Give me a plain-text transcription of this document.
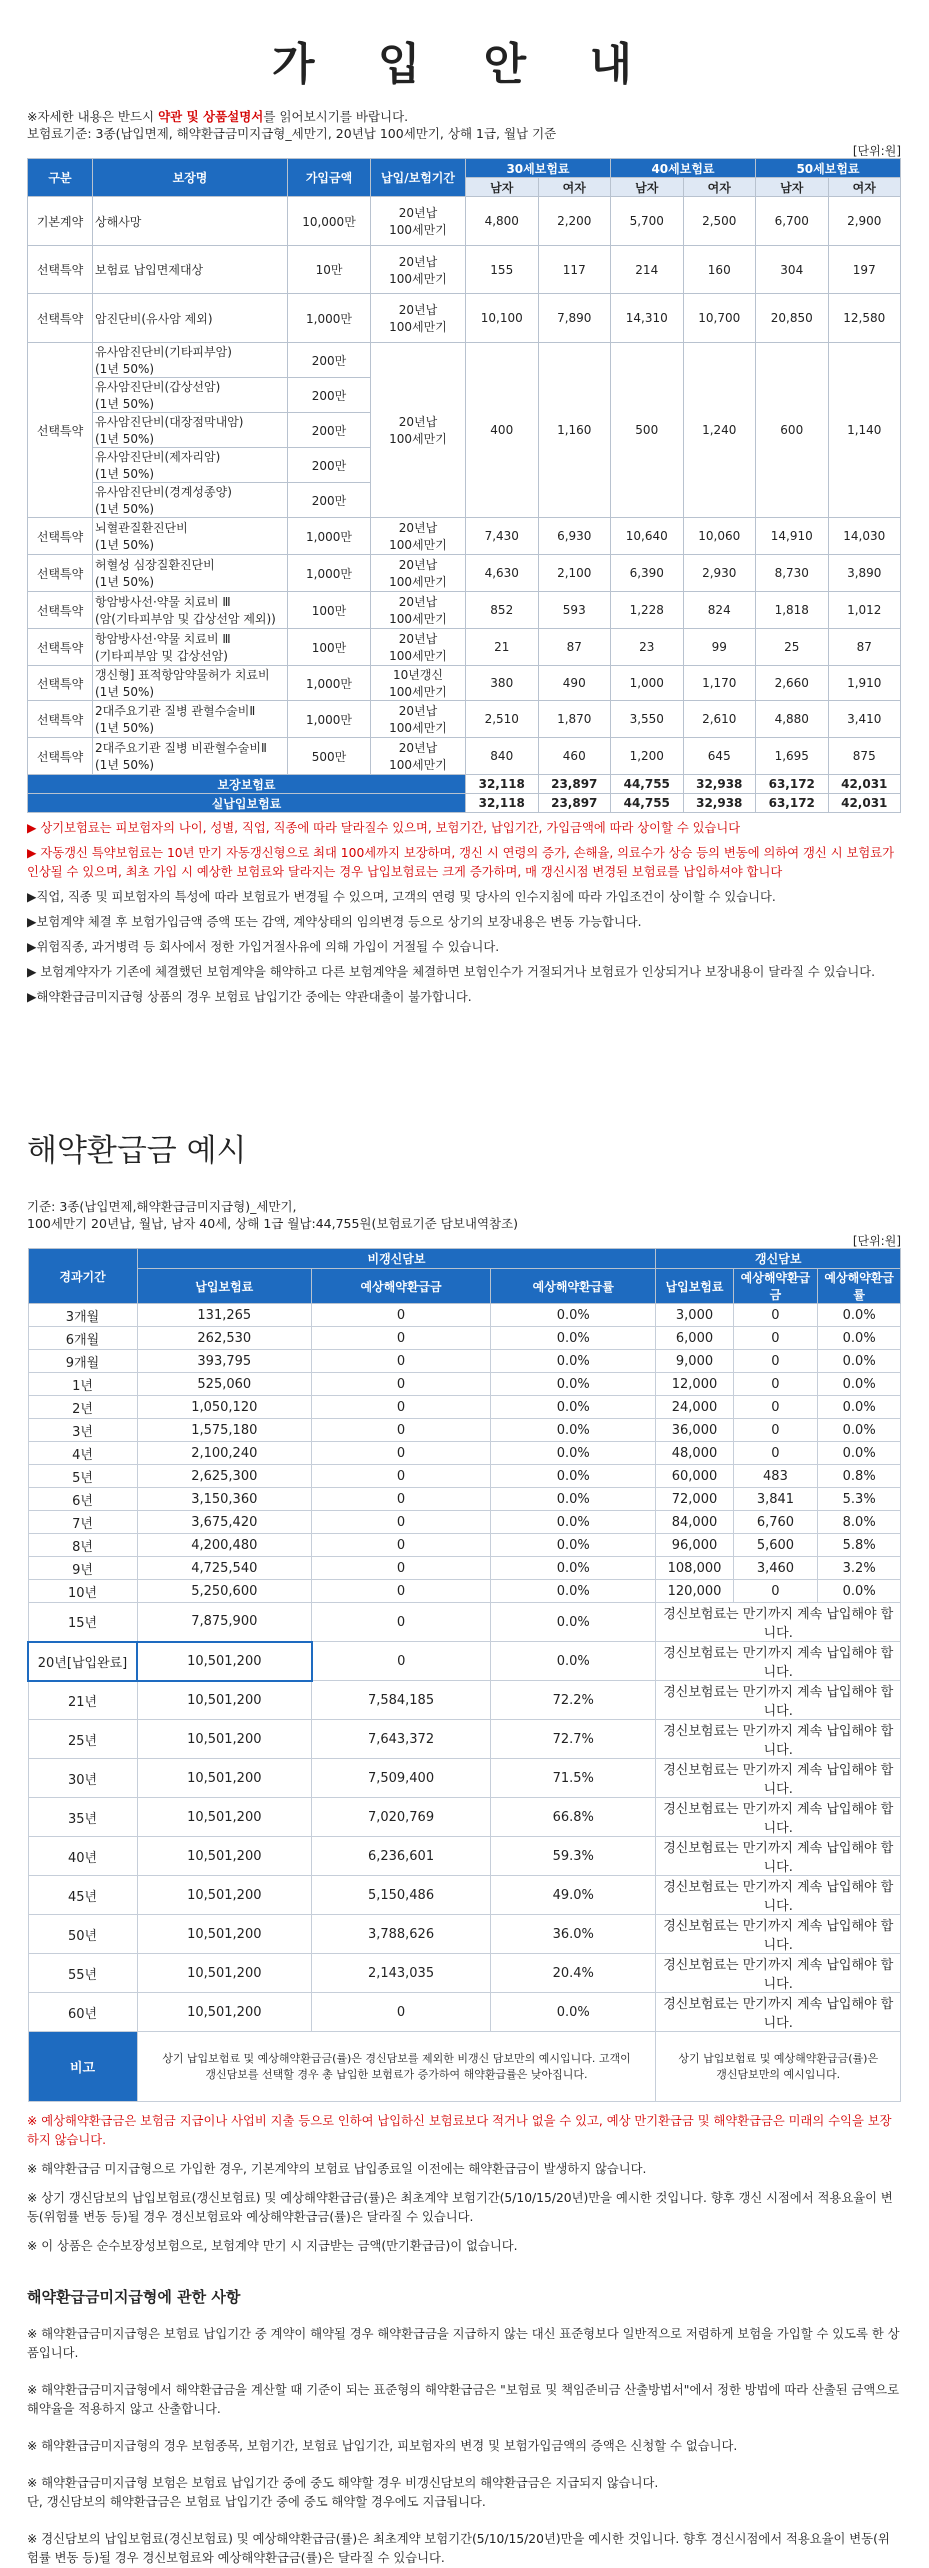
가 입 안 내
※자세한 내용은 반드시 약관 및 상품설명서를 읽어보시기를 바랍니다.
보험료기준: 3종(납입면제, 해약환급금미지급형_세만기, 20년납 100세만기, 상해 1급, 월납 기준
[단위:원]
구분	보장명	가입금액	납입/보험기간	30세보험료		40세보험료		50세보험료	
				남자	여자	남자	여자	남자	여자
기본계약	상해사망	10,000만	20년납
100세만기	4,800	2,200	5,700	2,500	6,700	2,900
선택특약	보험료 납입면제대상	10만	20년납
100세만기	155	117	214	160	304	197
선택특약	암진단비(유사암 제외)	1,000만	20년납
100세만기	10,100	7,890	14,310	10,700	20,850	12,580
선택특약	유사암진단비(기타피부암)
(1년 50%)	200만	20년납
100세만기	400	1,160	500	1,240	600	1,140
	유사암진단비(갑상선암)
(1년 50%)	200만							
	유사암진단비(대장점막내암)
(1년 50%)	200만							
	유사암진단비(제자리암)
(1년 50%)	200만							
	유사암진단비(경계성종양)
(1년 50%)	200만							
선택특약	뇌혈관질환진단비
(1년 50%)	1,000만	20년납
100세만기	7,430	6,930	10,640	10,060	14,910	14,030
선택특약	허혈성 심장질환진단비
(1년 50%)	1,000만	20년납
100세만기	4,630	2,100	6,390	2,930	8,730	3,890
선택특약	항암방사선·약물 치료비 Ⅲ
(암(기타피부암 및 갑상선암 제외))	100만	20년납
100세만기	852	593	1,228	824	1,818	1,012
선택특약	항암방사선·약물 치료비 Ⅲ
(기타피부암 및 갑상선암)	100만	20년납
100세만기	21	87	23	99	25	87
선택특약	갱신형] 표적항암약물허가 치료비
(1년 50%)	1,000만	10년갱신
100세만기	380	490	1,000	1,170	2,660	1,910
선택특약	2대주요기관 질병 관혈수술비Ⅱ
(1년 50%)	1,000만	20년납
100세만기	2,510	1,870	3,550	2,610	4,880	3,410
선택특약	2대주요기관 질병 비관혈수술비Ⅱ
(1년 50%)	500만	20년납
100세만기	840	460	1,200	645	1,695	875
보장보험료				32,118	23,897	44,755	32,938	63,172	42,031
실납입보험료				32,118	23,897	44,755	32,938	63,172	42,031
▶ 상기보험료는 피보험자의 나이, 성별, 직업, 직종에 따라 달라질수 있으며, 보험기간, 납입기간, 가입금액에 따라 상이할 수 있습니다
▶ 자동갱신 특약보험료는 10년 만기 자동갱신형으로 최대 100세까지 보장하며, 갱신 시 연령의 증가, 손해율, 의료수가 상승 등의 변동에 의하여 갱신 시 보험료가 인상될 수 있으며, 최초 가입 시 예상한 보험료와 달라지는 경우 납입보험료는 크게 증가하며, 매 갱신시점 변경된 보험료를 납입하셔야 합니다
▶직업, 직종 및 피보험자의 특성에 따라 보험료가 변경될 수 있으며, 고객의 연령 및 당사의 인수지침에 따라 가입조건이 상이할 수 있습니다.
▶보험계약 체결 후 보험가입금액 증액 또는 감액, 계약상태의 임의변경 등으로 상기의 보장내용은 변동 가능합니다.
▶위험직종, 과거병력 등 회사에서 정한 가입거절사유에 의해 가입이 거절될 수 있습니다.
▶ 보험계약자가 기존에 체결했던 보험계약을 해약하고 다른 보험계약을 체결하면 보험인수가 거절되거나 보험료가 인상되거나 보장내용이 달라질 수 있습니다.
▶해약환급금미지급형 상품의 경우 보험료 납입기간 중에는 약관대출이 불가합니다.
해약환급금 예시
기준: 3종(납입면제,해약환급금미지급형)_세만기,
100세만기 20년납, 월납, 남자 40세, 상해 1급 월납:44,755원(보험료기준 담보내역참조)
[단위:원]
경과기간	비갱신담보			갱신담보		
	납입보험료	예상해약환급금	예상해약환급률	납입보험료	예상해약환급금	예상해약환급률
3개월	131,265	0	0.0%	3,000	0	0.0%
6개월	262,530	0	0.0%	6,000	0	0.0%
9개월	393,795	0	0.0%	9,000	0	0.0%
1년	525,060	0	0.0%	12,000	0	0.0%
2년	1,050,120	0	0.0%	24,000	0	0.0%
3년	1,575,180	0	0.0%	36,000	0	0.0%
4년	2,100,240	0	0.0%	48,000	0	0.0%
5년	2,625,300	0	0.0%	60,000	483	0.8%
6년	3,150,360	0	0.0%	72,000	3,841	5.3%
7년	3,675,420	0	0.0%	84,000	6,760	8.0%
8년	4,200,480	0	0.0%	96,000	5,600	5.8%
9년	4,725,540	0	0.0%	108,000	3,460	3.2%
10년	5,250,600	0	0.0%	120,000	0	0.0%
15년	7,875,900	0	0.0%	경신보험료는 만기까지 계속 납입해야 합니다.		
20년[납입완료]	10,501,200	0	0.0%	경신보험료는 만기까지 계속 납입해야 합니다.		
21년	10,501,200	7,584,185	72.2%	경신보험료는 만기까지 계속 납입해야 합니다.		
25년	10,501,200	7,643,372	72.7%	경신보험료는 만기까지 계속 납입해야 합니다.		
30년	10,501,200	7,509,400	71.5%	경신보험료는 만기까지 계속 납입해야 합니다.		
35년	10,501,200	7,020,769	66.8%	경신보험료는 만기까지 계속 납입해야 합니다.		
40년	10,501,200	6,236,601	59.3%	경신보험료는 만기까지 계속 납입해야 합니다.		
45년	10,501,200	5,150,486	49.0%	경신보험료는 만기까지 계속 납입해야 합니다.		
50년	10,501,200	3,788,626	36.0%	경신보험료는 만기까지 계속 납입해야 합니다.		
55년	10,501,200	2,143,035	20.4%	경신보험료는 만기까지 계속 납입해야 합니다.		
60년	10,501,200	0	0.0%	경신보험료는 만기까지 계속 납입해야 합니다.		
비고	상기 납입보험료 및 예상해약환급금(률)은 경신담보를 제외한 비갱신 담보만의 예시입니다. 고객이 갱신담보를 선택할 경우 총 납입한 보험료가 증가하여 해약환급률은 낮아집니다.			상기 납입보험료 및 예상해약환급금(률)은 갱신담보만의 예시입니다.		
※ 예상해약환급금은 보험금 지급이나 사업비 지출 등으로 인하여 납입하신 보험료보다 적거나 없을 수 있고, 예상 만기환급금 및 해약환급금은 미래의 수익을 보장하지 않습니다.
※ 해약환급금 미지급형으로 가입한 경우, 기본계약의 보험료 납입종료일 이전에는 해약환급금이 발생하지 않습니다.
※ 상기 갱신담보의 납입보험료(갱신보험료) 및 예상해약환급금(률)은 최초계약 보험기간(5/10/15/20년)만을 예시한 것입니다. 향후 갱신 시점에서 적용요율이 변동(위험률 변동 등)될 경우 경신보험료와 예상해약환급금(률)은 달라질 수 있습니다.
※ 이 상품은 순수보장성보험으로, 보험계약 만기 시 지급받는 금액(만기환급금)이 없습니다.
해약환급금미지급형에 관한 사항
※ 해약환급금미지급형은 보험료 납입기간 중 계약이 해약될 경우 해약환급금을 지급하지 않는 대신 표준형보다 일반적으로 저렴하게 보험을 가입할 수 있도록 한 상품입니다.
※ 해약환급금미지급형에서 해약환급금을 계산할 때 기준이 되는 표준형의 해약환급금은 "보험료 및 책임준비금 산출방법서"에서 정한 방법에 따라 산출된 금액으로 해약율을 적용하지 않고 산출합니다.
※ 해약환급금미지급형의 경우 보험종목, 보험기간, 보험료 납입기간, 피보험자의 변경 및 보험가입금액의 증액은 신청할 수 없습니다.
※ 해약환급금미지급형 보험은 보험료 납입기간 중에 중도 해약할 경우 비갱신담보의 해약환급금은 지급되지 않습니다.
단, 갱신담보의 해약환급금은 보험료 납입기간 중에 중도 해약할 경우에도 지급됩니다.
※ 경신담보의 납입보험료(경신보험료) 및 예상해약환급금(률)은 최초계약 보험기간(5/10/15/20년)만을 예시한 것입니다. 향후 경신시점에서 적용요율이 변동(위험률 변동 등)될 경우 경신보험료와 예상해약환급금(률)은 달라질 수 있습니다.
